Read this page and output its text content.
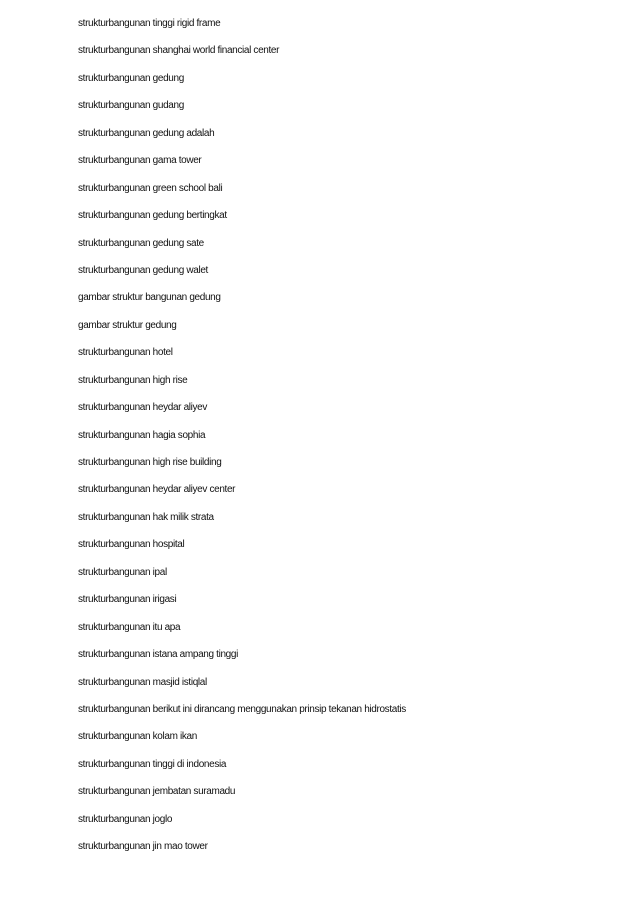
strukturbangunan tinggi rigid frame
strukturbangunan shanghai world financial center
strukturbangunan gedung
strukturbangunan gudang
strukturbangunan gedung adalah
strukturbangunan gama tower
strukturbangunan green school bali
strukturbangunan gedung bertingkat
strukturbangunan gedung sate
strukturbangunan gedung walet
gambar struktur bangunan gedung
gambar struktur gedung
strukturbangunan hotel
strukturbangunan high rise
strukturbangunan heydar aliyev
strukturbangunan hagia sophia
strukturbangunan high rise building
strukturbangunan heydar aliyev center
strukturbangunan hak milik strata
strukturbangunan hospital
strukturbangunan ipal
strukturbangunan irigasi
strukturbangunan itu apa
strukturbangunan istana ampang tinggi
strukturbangunan masjid istiqlal
strukturbangunan berikut ini dirancang menggunakan prinsip tekanan hidrostatis
strukturbangunan kolam ikan
strukturbangunan tinggi di indonesia
strukturbangunan jembatan suramadu
strukturbangunan joglo
strukturbangunan jin mao tower
